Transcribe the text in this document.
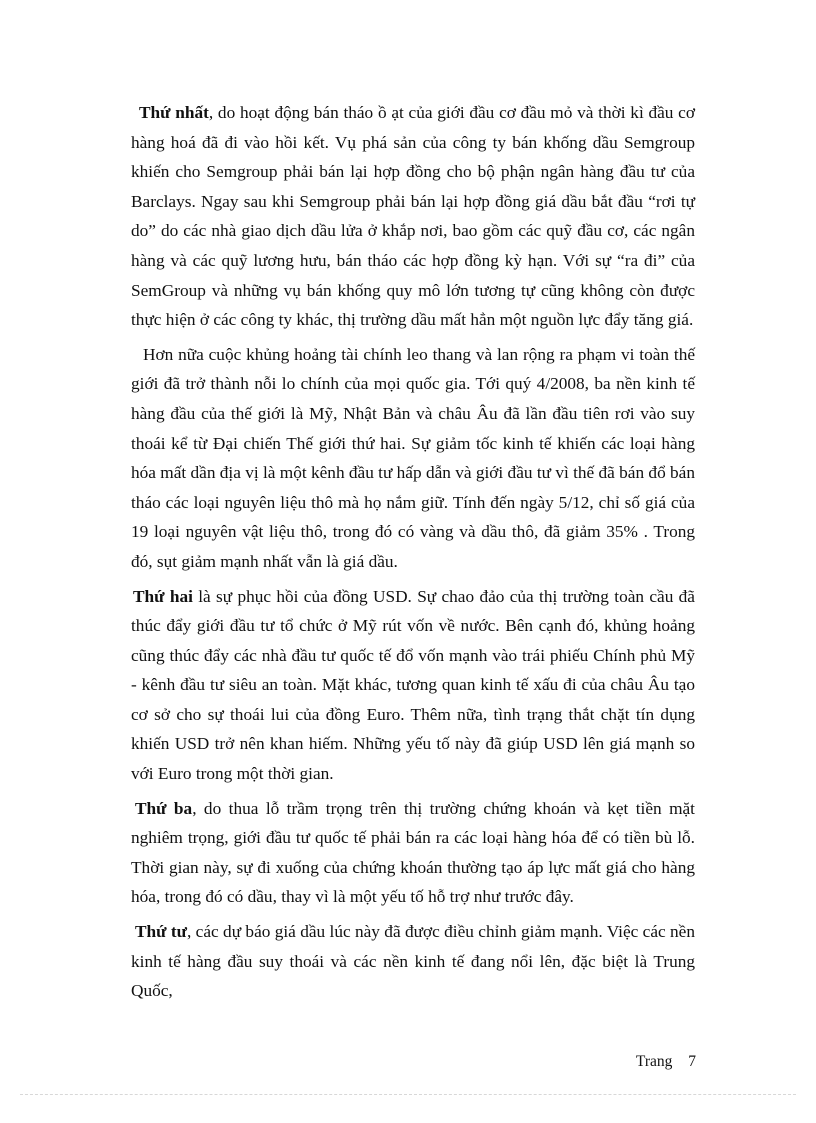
Thứ nhất, do hoạt động bán tháo ồ ạt của giới đầu cơ đầu mỏ và thời kì đầu cơ hàng hoá đã đi vào hồi kết. Vụ phá sản của công ty bán khống dầu Semgroup khiến cho Semgroup phải bán lại hợp đồng cho bộ phận ngân hàng đầu tư của Barclays. Ngay sau khi Semgroup phải bán lại hợp đồng giá dầu bắt đầu “rơi tự do” do các nhà giao dịch dầu lửa ở khắp nơi, bao gồm các quỹ đầu cơ, các ngân hàng và các quỹ lương hưu, bán tháo các hợp đồng kỳ hạn. Với sự “ra đi” của SemGroup và những vụ bán khống quy mô lớn tương tự cũng không còn được thực hiện ở các công ty khác, thị trường dầu mất hẳn một nguồn lực đẩy tăng giá.

Hơn nữa cuộc khủng hoảng tài chính leo thang và lan rộng ra phạm vi toàn thế giới đã trở thành nỗi lo chính của mọi quốc gia. Tới quý 4/2008, ba nền kinh tế hàng đầu của thế giới là Mỹ, Nhật Bản và châu Âu đã lần đầu tiên rơi vào suy thoái kể từ Đại chiến Thế giới thứ hai. Sự giảm tốc kinh tế khiến các loại hàng hóa mất dần địa vị là một kênh đầu tư hấp dẫn và giới đầu tư vì thế đã bán đổ bán tháo các loại nguyên liệu thô mà họ nắm giữ. Tính đến ngày 5/12, chỉ số giá của 19 loại nguyên vật liệu thô, trong đó có vàng và dầu thô, đã giảm 35% . Trong đó, sụt giảm mạnh nhất vẫn là giá dầu.

Thứ hai là sự phục hồi của đồng USD. Sự chao đảo của thị trường toàn cầu đã thúc đẩy giới đầu tư tổ chức ở Mỹ rút vốn về nước. Bên cạnh đó, khủng hoảng cũng thúc đẩy các nhà đầu tư quốc tế đổ vốn mạnh vào trái phiếu Chính phủ Mỹ - kênh đầu tư siêu an toàn. Mặt khác, tương quan kinh tế xấu đi của châu Âu tạo cơ sở cho sự thoái lui của đồng Euro. Thêm nữa, tình trạng thắt chặt tín dụng khiến USD trở nên khan hiếm. Những yếu tố này đã giúp USD lên giá mạnh so với Euro trong một thời gian.

Thứ ba, do thua lỗ trầm trọng trên thị trường chứng khoán và kẹt tiền mặt nghiêm trọng, giới đầu tư quốc tế phải bán ra các loại hàng hóa để có tiền bù lỗ. Thời gian này, sự đi xuống của chứng khoán thường tạo áp lực mất giá cho hàng hóa, trong đó có dầu, thay vì là một yếu tố hỗ trợ như trước đây.

Thứ tư, các dự báo giá dầu lúc này đã được điều chỉnh giảm mạnh. Việc các nền kinh tế hàng đầu suy thoái và các nền kinh tế đang nổi lên, đặc biệt là Trung Quốc,

Trang 7
